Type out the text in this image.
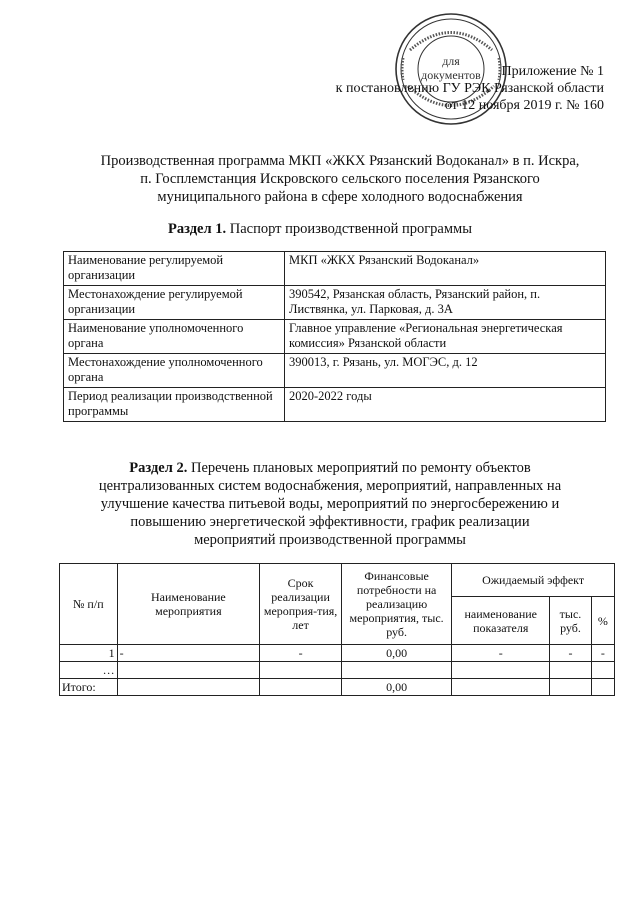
для
документов	Приложение № 1
к постановлению ГУ РЭК Рязанской области
от 12 ноября 2019 г. № 160
Производственная программа МКП «ЖКХ Рязанский Водоканал» в п. Искра,
п. Госплемстанция Искровского сельского поселения Рязанского
муниципального района в сфере холодного водоснабжения
Раздел 1. Паспорт производственной программы
Наименование регулируемой организации	МКП «ЖКХ Рязанский Водоканал»
Местонахождение регулируемой организации	390542, Рязанская область, Рязанский район, п. Листвянка, ул. Парковая, д. 3А
Наименование уполномоченного органа	Главное управление «Региональная энергетическая комиссия» Рязанской области
Местонахождение уполномоченного органа	390013, г. Рязань, ул. МОГЭС, д. 12
Период реализации производственной программы	2020-2022 годы
Раздел 2. Перечень плановых мероприятий по ремонту объектов
централизованных систем водоснабжения, мероприятий, направленных на
улучшение качества питьевой воды, мероприятий по энергосбережению и
повышению энергетической эффективности, график реализации
мероприятий производственной программы
№ п/п	Наименование мероприятия	Срок реализации мероприя-тия, лет	Финансовые потребности на реализацию мероприятия, тыс. руб.	Ожидаемый эффект		
				наименование показателя	тыс. руб.	%
1	-	-	0,00	-	-	-
…						
Итого:			0,00			
